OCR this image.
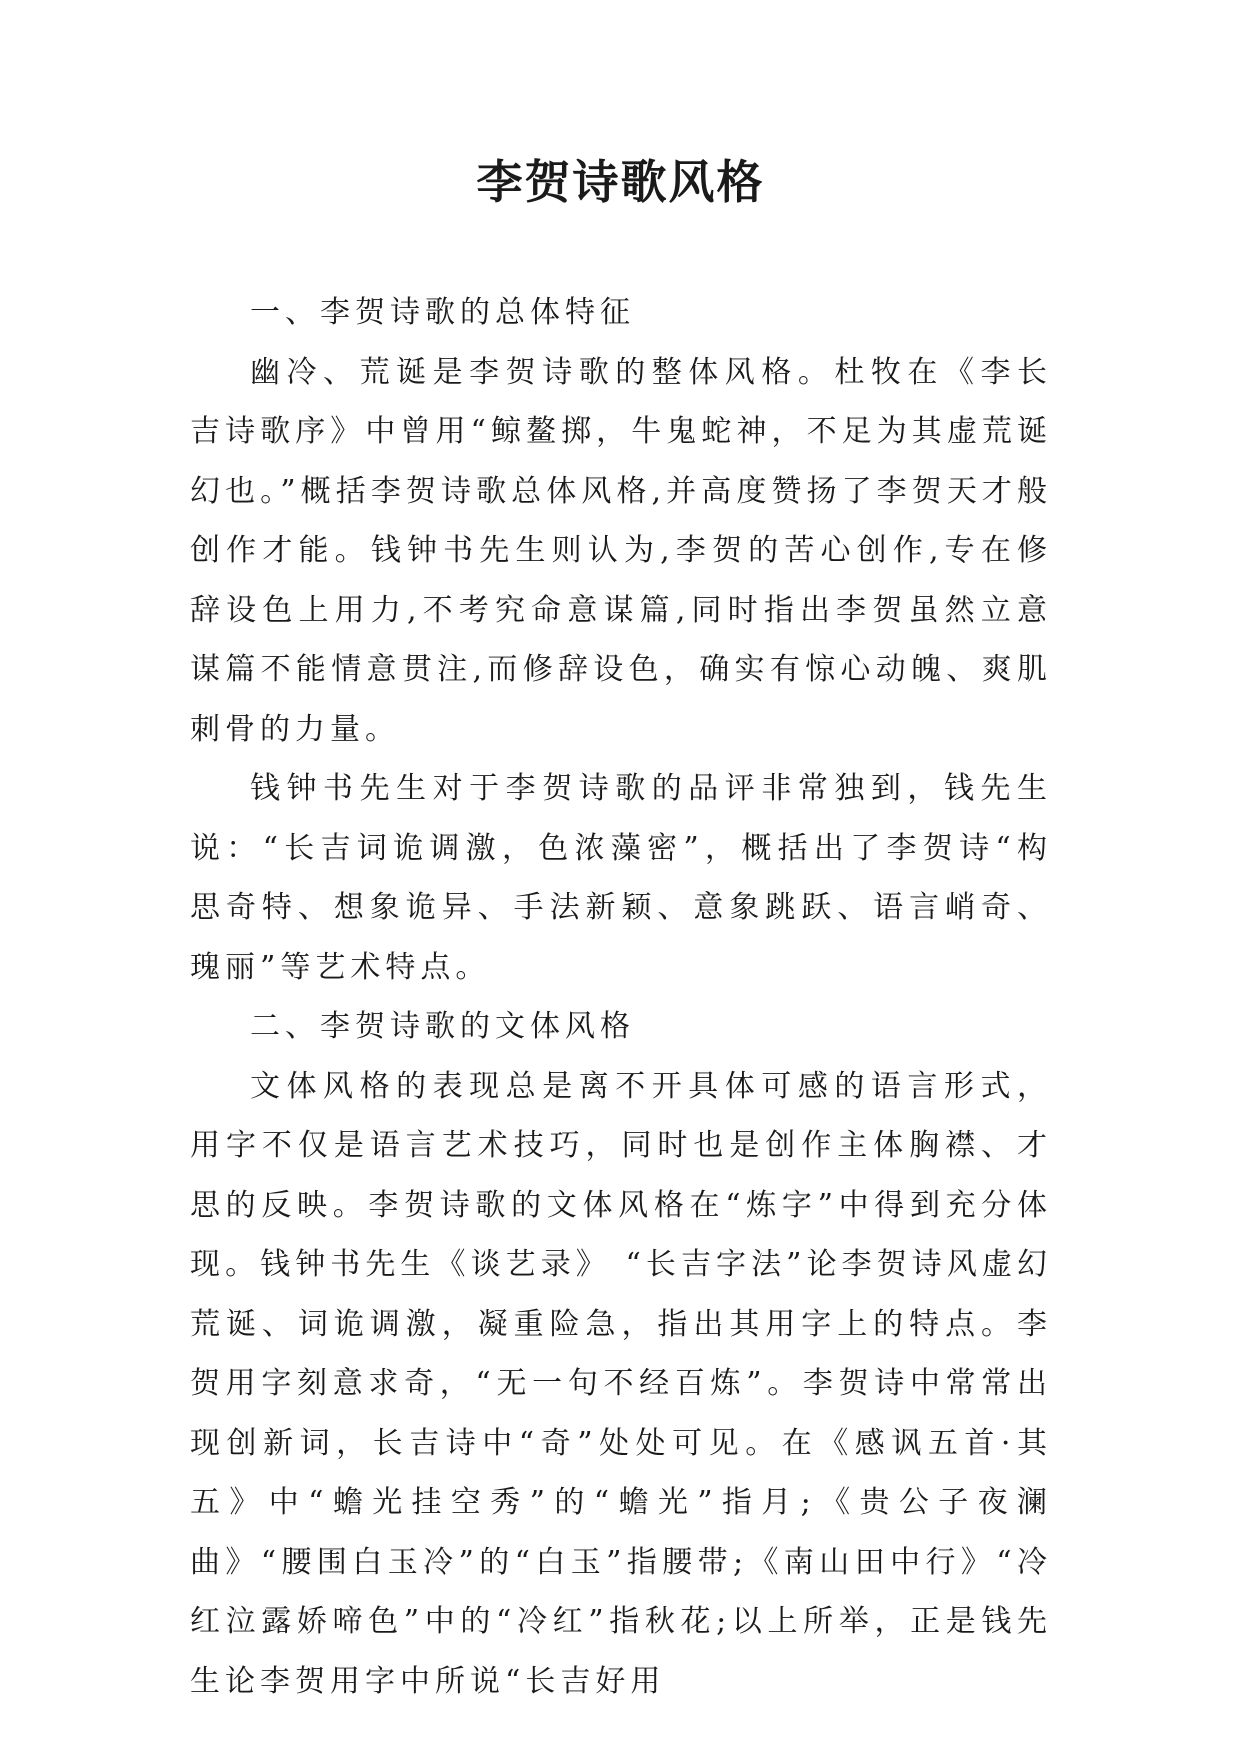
李贺诗歌风格

一、李贺诗歌的总体特征

幽冷、荒诞是李贺诗歌的整体风格。杜牧在《李长吉诗歌序》中曾用“鲸鳌掷，牛鬼蛇神，不足为其虚荒诞幻也。”概括李贺诗歌总体风格,并高度赞扬了李贺天才般创作才能。钱钟书先生则认为,李贺的苦心创作,专在修辞设色上用力,不考究命意谋篇,同时指出李贺虽然立意谋篇不能情意贯注,而修辞设色，确实有惊心动魄、爽肌刺骨的力量。

钱钟书先生对于李贺诗歌的品评非常独到，钱先生说：“长吉词诡调激，色浓藻密”，概括出了李贺诗“构思奇特、想象诡异、手法新颖、意象跳跃、语言峭奇、瑰丽”等艺术特点。

二、李贺诗歌的文体风格

文体风格的表现总是离不开具体可感的语言形式，用字不仅是语言艺术技巧，同时也是创作主体胸襟、才思的反映。李贺诗歌的文体风格在“炼字”中得到充分体现。钱钟书先生《谈艺录》 “长吉字法”论李贺诗风虚幻荒诞、词诡调激，凝重险急，指出其用字上的特点。李贺用字刻意求奇，“无一句不经百炼”。李贺诗中常常出现创新词，长吉诗中“奇”处处可见。在《感讽五首·其五》中“蟾光挂空秀”的“蟾光”指月;《贵公子夜澜曲》“腰围白玉冷”的“白玉”指腰带;《南山田中行》“冷红泣露娇啼色”中的“冷红”指秋花;以上所举，正是钱先生论李贺用字中所说“长吉好用
